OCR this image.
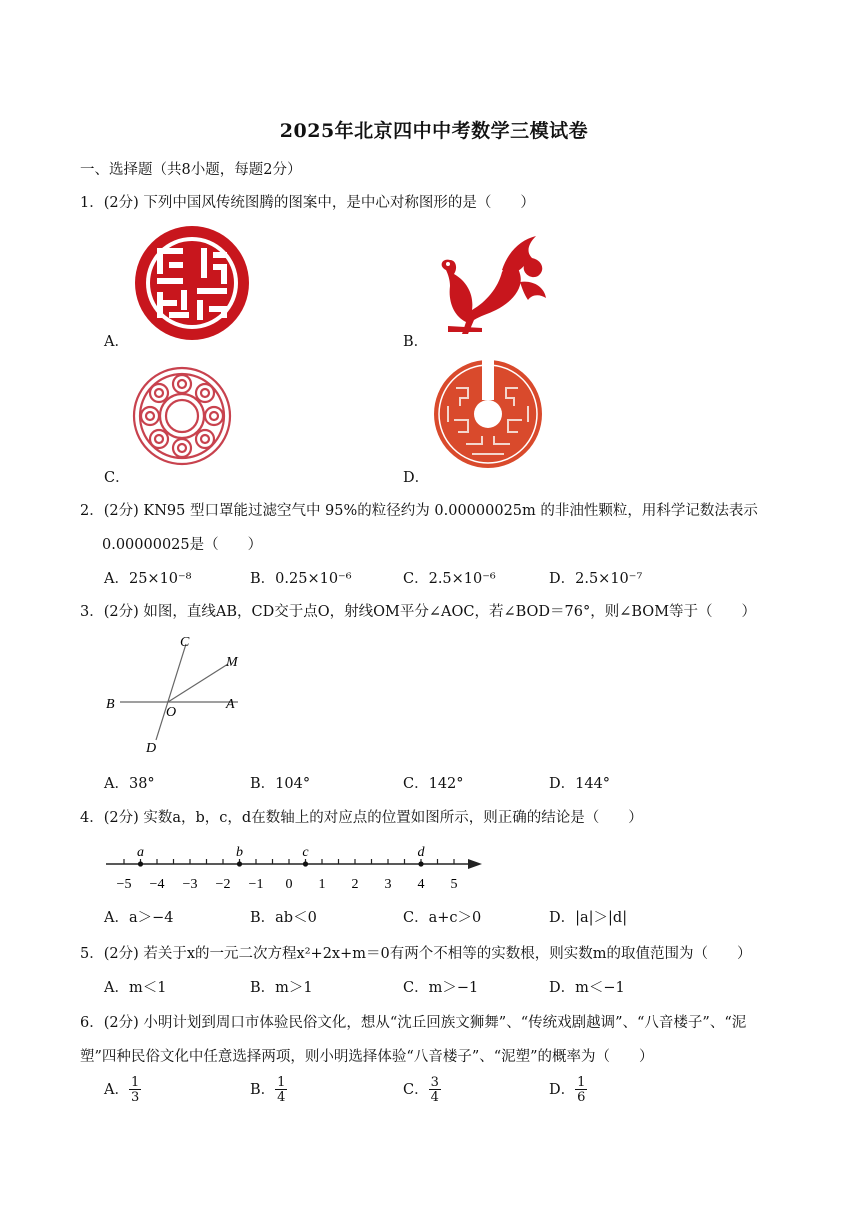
2025年北京四中中考数学三模试卷
一、选择题（共8小题，每题2分）
1．(2分) 下列中国风传统图腾的图案中，是中心对称图形的是（　　）
A．	B．
C．	D．
2．(2分) KN95 型口罩能过滤空气中 95%的粒径约为 0.00000025m 的非油性颗粒，用科学记数法表示
0.00000025是（　　）
A．25×10⁻⁸	B．0.25×10⁻⁶	C．2.5×10⁻⁶	D．2.5×10⁻⁷
3．(2分) 如图，直线AB，CD交于点O，射线OM平分∠AOC，若∠BOD＝76°，则∠BOM等于（　　）
C
M
B
O
A
D
A．38°	B．104°	C．142°	D．144°
4．(2分) 实数a，b，c，d在数轴上的对应点的位置如图所示，则正确的结论是（　　）
−5 −4 −3 −2 −1 0 1 2 3 4 5
a	b	c	d
A．a＞−4	B．ab＜0	C．a+c＞0	D．|a|＞|d|
5．(2分) 若关于x的一元二次方程x²+2x+m＝0有两个不相等的实数根，则实数m的取值范围为（　　）
A．m＜1	B．m＞1	C．m＞−1	D．m＜−1
6．(2分) 小明计划到周口市体验民俗文化，想从“沈丘回族文狮舞”、“传统戏剧越调”、“八音楼子”、“泥
塑”四种民俗文化中任意选择两项，则小明选择体验“八音楼子”、“泥塑”的概率为（　　）
A． $\frac{1}{3}$	B． $\frac{1}{4}$	C． $\frac{3}{4}$	D． $\frac{1}{6}$
